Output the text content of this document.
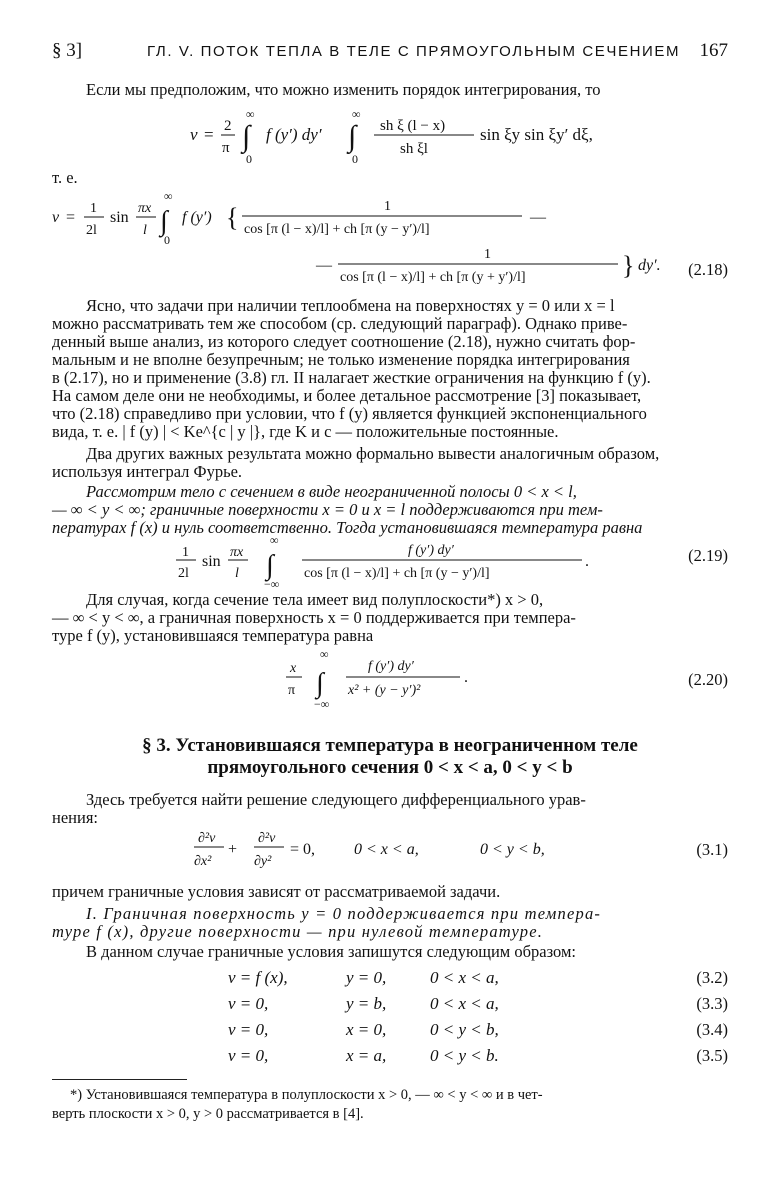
§ 3]	ГЛ. V. ПОТОК ТЕПЛА В ТЕЛЕ С ПРЯМОУГОЛЬНЫМ СЕЧЕНИЕМ 167
Если мы предположим, что можно изменить порядок интегрирования, то
v = 2
π ∫
∞
0
f (y′) dy′ ∫
∞
0
sh ξ (l − x)
sh ξl
sin ξy sin ξy′ dξ,
т. е.
v =
1
2l
sin
πx
l ∫
∞
0
f (y′) {	1
cos [π (l − x)/l] + ch [π (y − y′)/l]
—
—
1
cos [π (l − x)/l] + ch [π (y + y′)/l]	} dy′. (2.18)
Ясно, что задачи при наличии теплообмена на поверхностях y = 0 или x = l
можно рассматривать тем же способом (ср. следующий параграф). Однако приве-
денный выше анализ, из которого следует соотношение (2.18), нужно считать фор-
мальным и не вполне безупречным; не только изменение порядка интегрирования
в (2.17), но и применение (3.8) гл. II налагает жесткие ограничения на функцию f (y).
На самом деле они не необходимы, и более детальное рассмотрение [3] показывает,
что (2.18) справедливо при условии, что f (y) является функцией экспоненциального
вида, т. е. | f (y) | < Ke^{c | y |}, где K и c — положительные постоянные.
Два других важных результата можно формально вывести аналогичным образом,
используя интеграл Фурье.
Рассмотрим тело с сечением в виде неограниченной полосы 0 < x < l,
— ∞ < y < ∞; граничные поверхности x = 0 и x = l поддерживаются при тем-
пературах f (x) и нуль соответственно. Тогда установившаяся температура равна
1
2l
sin
πx
l ∫
∞
−∞
f (y′) dy′
cos [π (l − x)/l] + ch [π (y − y′)/l]
.	(2.19)
Для случая, когда сечение тела имеет вид полуплоскости*) x > 0,
— ∞ < y < ∞, а граничная поверхность x = 0 поддерживается при темпера-
туре f (y), установившаяся температура равна
x
π ∫
∞
−∞
f (y′) dy′
x² + (y − y′)²
.	(2.20)
§ 3. Установившаяся температура в неограниченном теле
прямоугольного сечения 0 < x < a, 0 < y < b
Здесь требуется найти решение следующего дифференциального урав-
нения:
∂²v
∂x²
+
∂²v
∂y²
= 0, 0 < x < a,	0 < y < b,	(3.1)
причем граничные условия зависят от рассматриваемой задачи.
I. Граничная поверхность y = 0 поддерживается при темпера-
туре f (x), другие поверхности — при нулевой температуре.
В данном случае граничные условия запишутся следующим образом:
v = f (x),	y = 0,	0 < x < a,	(3.2)
v = 0,	y = b,	0 < x < a,	(3.3)
v = 0,	x = 0,	0 < y < b,	(3.4)
v = 0,	x = a,	0 < y < b.	(3.5)
*) Установившаяся температура в полуплоскости x > 0, — ∞ < y < ∞ и в чет-
верть плоскости x > 0, y > 0 рассматривается в [4].
